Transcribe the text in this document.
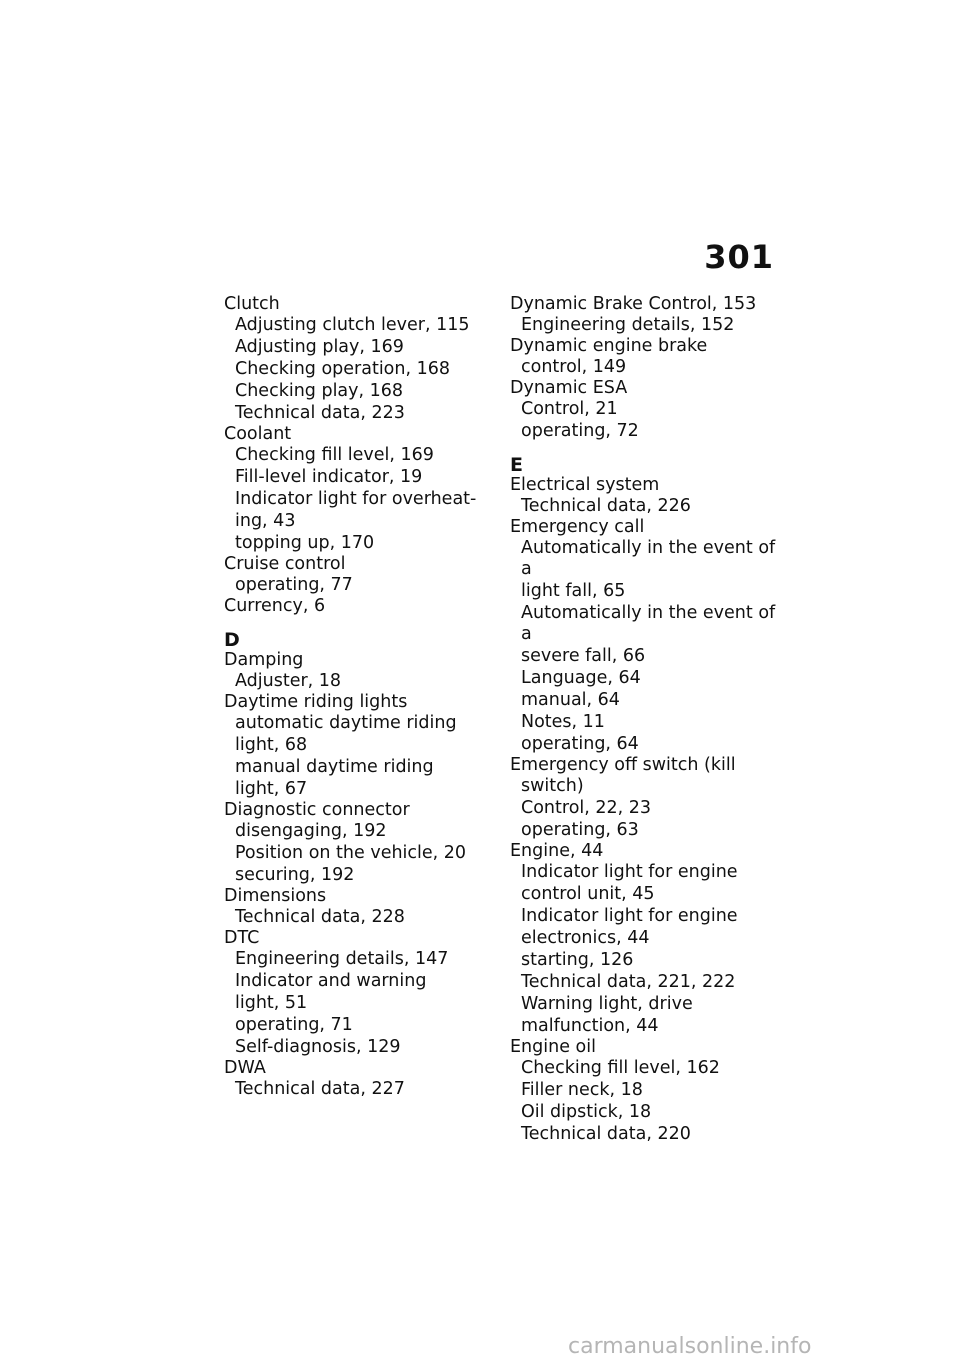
301
Clutch
Adjusting clutch lever, 115
Adjusting play, 169
Checking operation, 168
Checking play, 168
Technical data, 223
Coolant
Checking fill level, 169
Fill-level indicator, 19
Indicator light for overheat-
ing, 43
topping up, 170
Cruise control
operating, 77
Currency, 6
D
Damping
Adjuster, 18
Daytime riding lights
automatic daytime riding
light, 68
manual daytime riding
light, 67
Diagnostic connector
disengaging, 192
Position on the vehicle, 20
securing, 192
Dimensions
Technical data, 228
DTC
Engineering details, 147
Indicator and warning
light, 51
operating, 71
Self-diagnosis, 129
DWA
Technical data, 227
Dynamic Brake Control, 153
Engineering details, 152
Dynamic engine brake
control, 149
Dynamic ESA
Control, 21
operating, 72
E
Electrical system
Technical data, 226
Emergency call
Automatically in the event of a
light fall, 65
Automatically in the event of a
severe fall, 66
Language, 64
manual, 64
Notes, 11
operating, 64
Emergency off switch (kill
switch)
Control, 22, 23
operating, 63
Engine, 44
Indicator light for engine
control unit, 45
Indicator light for engine
electronics, 44
starting, 126
Technical data, 221, 222
Warning light, drive
malfunction, 44
Engine oil
Checking fill level, 162
Filler neck, 18
Oil dipstick, 18
Technical data, 220
carmanualsonline.info
